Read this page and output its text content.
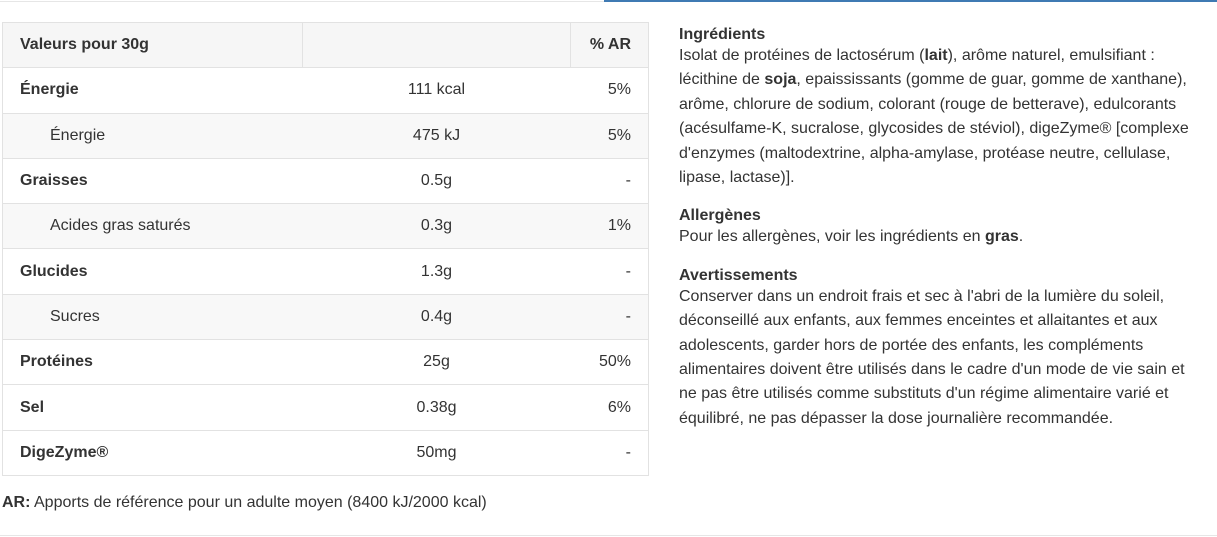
Valeurs pour 30g		% AR
Énergie	111 kcal	5%
Énergie	475 kJ	5%
Graisses	0.5g	-
Acides gras saturés	0.3g	1%
Glucides	1.3g	-
Sucres	0.4g	-
Protéines	25g	50%
Sel	0.38g	6%
DigeZyme®	50mg	-
AR: Apports de référence pour un adulte moyen (8400 kJ/2000 kcal)
Ingrédients

Isolat de protéines de lactosérum (lait), arôme naturel, emulsifiant : lécithine de soja, epaississants (gomme de guar, gomme de xanthane), arôme, chlorure de sodium, colorant (rouge de betterave), edulcorants (acésulfame-K, sucralose, glycosides de stéviol), digeZyme® [complexe d'enzymes (maltodextrine, alpha-amylase, protéase neutre, cellulase, lipase, lactase)].

Allergènes

Pour les allergènes, voir les ingrédients en gras.

Avertissements

Conserver dans un endroit frais et sec à l'abri de la lumière du soleil, déconseillé aux enfants, aux femmes enceintes et allaitantes et aux adolescents, garder hors de portée des enfants, les compléments alimentaires doivent être utilisés dans le cadre d'un mode de vie sain et ne pas être utilisés comme substituts d'un régime alimentaire varié et équilibré, ne pas dépasser la dose journalière recommandée.
